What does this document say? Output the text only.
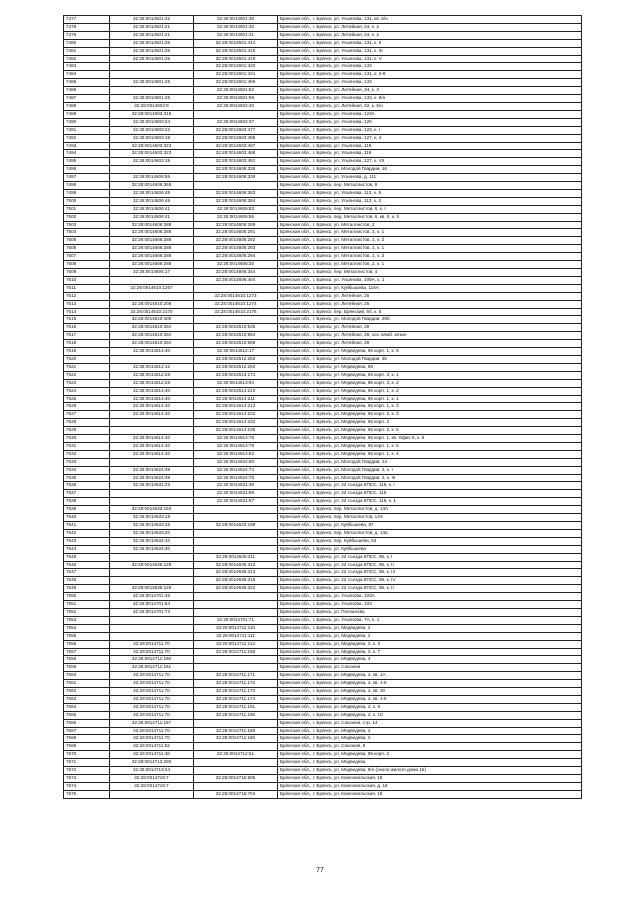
7477	32:28:0014601:32	32:28:0014601:36	Брянская обл., г. Брянск, ул. Ульянова, 131, кв. 6/н
7478	32:28:0014601:21	32:28:0014601:30	Брянская обл., г. Брянск, ул. Литейная, 34, к. 2
7479	32:28:0014601:21	32:28:0014601:31	Брянская обл., г. Брянск, ул. Литейная, 34, к. 2
7480	32:28:0014601:26	32:28:0014601:414	Брянская обл., г. Брянск, ул. Ульянова, 131, к. 6
7481	32:28:0014601:26	32:28:0014601:415	Брянская обл., г. Брянск, ул. Ульянова, 131, к. III
7482	32:28:0014601:26	32:28:0014601:419	Брянская обл., г. Брянск, ул. Ульянова, 131, к. V
7483		32:28:0014601:420	Брянская обл., г. Брянск, ул. Ульянова, 133
7484		32:28:0014601:421	Брянская обл., г. Брянск, ул. Ульянова, 131, к. 2-8
7485	32:28:0014601:25	32:28:0014601:469	Брянская обл., г. Брянск, ул. Ульянова, 133
7486		32:28:0014601:62	Брянская обл., г. Брянск, ул. Литейная, 34, к. 3
7487	32:28:0014601:25	32:28:0014601:68	Брянская обл., г. Брянск, ул. Ульянова, 133, к. 6/н
7488	32:28:0014602:8	32:28:0014602:40	Брянская обл., г. Брянск, ул. Литейная, 32, к. 6/н
7489	32:28:0014603:315		Брянская обл., г. Брянск, ул. Ульянова, 123А
7490	32:28:0014603:24	32:28:0014603:37	Брянская обл., г. Брянск, ул. Ульянова, 129
7491	32:28:0014603:22	32:28:0014603:477	Брянская обл., г. Брянск, ул. Ульянова, 123, к. I
7492	32:28:0014603:19	32:28:0014603:486	Брянская обл., г. Брянск, ул. Ульянова, 127, к. 4
7493	32:28:0014603:323	32:28:0014603:487	Брянская обл., г. Брянск, ул. Ульянова, 119
7494	32:28:0014603:323	32:28:0014603:488	Брянская обл., г. Брянск, ул. Ульянова, 119
7495	32:28:0014603:19	32:28:0014603:491	Брянская обл., г. Брянск, ул. Ульянова, 127, к. VII
7496		32:28:0014606:335	Брянская обл., г. Брянск, ул. Молодой Гвардии, 16
7497	32:28:0014606:55	32:28:0014606:339	Брянская обл., г. Брянск, ул. Ульянова, д. 111
7498	32:28:0014606:365		Брянская обл., г. Брянск, пер. Металлистов, 8
7499	32:28:0014606:48	32:28:0014606:383	Брянская обл., г. Брянск, ул. Ульянова, 113, к. 5
7500	32:28:0014606:48	32:28:0014606:384	Брянская обл., г. Брянск, ул. Ульянова, 113, к. 2
7501	32:28:0014606:41	32:28:0014606:83	Брянская обл., г. Брянск, пер. Металлистов, 6, к. I
7502	32:28:0014606:41	32:28:0014606:86	Брянская обл., г. Брянск, пер. Металлистов, 6, кв. II, к. II
7503	32:28:0014606:288	32:28:0014606:289	Брянская обл., г. Брянск, ул. Металлистов, 2
7504	32:28:0014606:288	32:28:0014606:291	Брянская обл., г. Брянск, ул. Металлистов, 2, к. 1
7505	32:28:0014606:288	32:28:0014606:292	Брянская обл., г. Брянск, ул. Металлистов, 2, к. 2
7506	32:28:0014606:288	32:28:0014606:293	Брянская обл., г. Брянск, ул. Металлистов, 2, к. 1
7507	32:28:0014606:288	32:28:0014606:294	Брянская обл., г. Брянск, ул. Металлистов, 2, к. 3
7508	32:28:0014606:288	32:28:0014606:30	Брянская обл., г. Брянск, ул. Металлистов, 2, к. 1
7509	32:28:0014606:17	32:28:0014606:344	Брянская обл., г. Брянск, пер. Металлистов, 4
7510		32:28:0014606:404	Брянская обл., г. Брянск, ул. Ульянова, 109А, к. 1
7511	32:28:0014610:1267		Брянская обл., г. Брянск, ул. Куйбышева, 116А
7512		32:28:0014610:1273	Брянская обл., г. Брянск, ул. Литейная, 25
7513	32:28:0014610:208	32:28:0014610:1274	Брянская обл., г. Брянск, ул. Литейная, 25
7514	32:28:0014610:2170	32:28:0014610:2176	Брянская обл., г. Брянск, пер. Брянский, 6б, к. 6
7515	32:28:0014610:400		Брянская обл., г. Брянск, ул. Молодой Гвардии, 29б
7516	32:28:0014610:391	32:28:0014610:535	Брянская обл., г. Брянск, ул. Литейная, 39
7517	32:28:0014610:391	32:28:0014610:584	Брянская обл., г. Брянск, ул. Литейная, 39, хоз. влмб. мгзин
7518	32:28:0014610:391	32:28:0014610:596	Брянская обл., г. Брянск, ул. Литейная, 39
7519	32:28:0014614:40	32:28:0014612:17	Брянская обл., г. Брянск, ул. Медведева, 65 корп. 1, к. 8
7520		32:28:0014612:283	Брянская обл., г. Брянск, ул. Молодой Гвардии, 35
7521	32:28:0014612:12	32:28:0014612:292	Брянская обл., г. Брянск, ул. Медведева, 89
7522	32:28:0014612:28	32:28:0014613:171	Брянская обл., г. Брянск, ул. Медведева, 93 корп. 3, к. 1
7523	32:28:0014612:28	32:28:0014613:94	Брянская обл., г. Брянск, ул. Медведева, 85 корп. 3, к. 2
7524	32:28:0014614:40	32:28:0014614:210	Брянская обл., г. Брянск, ул. Медведева, 65 корп. 1, к. 2
7525	32:28:0014614:40	32:28:0014614:211	Брянская обл., г. Брянск, ул. Медведева, 65 корп. 1, к. 1
7526	32:28:0014614:40	32:28:0014614:213	Брянская обл., г. Брянск, ул. Медведева, 65 корп. 1, к. 3
7527	32:28:0014614:40	32:28:0014614:222	Брянская обл., г. Брянск, ул. Медведева, 65 корп. 2, к. 3
7528		32:28:0014614:232	Брянская обл., г. Брянск, ул. Медведева, 65 корп. 2
7529		32:28:0014614:236	Брянская обл., г. Брянск, ул. Медведева, 65 корп. 2, к. 5
7530	32:28:0014614:40	32:28:0014614:78	Брянская обл., г. Брянск, ул. Медведева, 65 корп. 1, кв. Офис 6, к. 6
7531	32:28:0014614:40	32:28:0014614:79	Брянская обл., г. Брянск, ул. Медведева, 65 корп. 1, к. 5
7532	32:28:0014614:40	32:28:0014614:82	Брянская обл., г. Брянск, ул. Медведева, 65 корп. 1, к. 4
7533		32:28:0014622:60	Брянская обл., г. Брянск, ул. Молодой Гвардии, 14
7534	32:28:0014624:38	32:28:0014624:74	Брянская обл., г. Брянск, ул. Молодой Гвардии, 3, к. I
7535	32:28:0014624:38	32:28:0014624:75	Брянская обл., г. Брянск, ул. Молодой Гвардии, 3, к. III
7536	32:28:0014631:23	32:28:0014631:36	Брянская обл., г. Брянск, ул. 22 съезда КПСС, 116, к. I
7537		32:28:0014631:86	Брянская обл., г. Брянск, ул. 22 съезда КПСС, 116
7538		32:28:0014631:87	Брянская обл., г. Брянск, ул. 22 съезда КПСС, 116, к. 1
7539	32:28:0014633:163		Брянская обл., г. Брянск, пер. Металлистов, д. 14А
7540	32:28:0014633:19		Брянская обл., г. Брянск, пер. Металлистов, 14А
7541	32:28:0014633:15	32:28:0014633:199	Брянская обл., г. Брянск, ул. Куйбышева, 87
7542	32:28:0014633:20		Брянская обл., г. Брянск, пер. Металлистов, д. 14а
7543	32:28:0014634:10		Брянская обл., г. Брянск, пер. Куйбышева, 63
7544	32:28:0014634:30		Брянская обл., г. Брянск, ул. Куйбышева
7545		32:28:0014635:311	Брянская обл., г. Брянск, ул. 22 съезда КПСС, 96, к. I
7546	32:28:0014635:129	32:28:0014635:312	Брянская обл., г. Брянск, ул. 22 съезда КПСС, 96, к. II
7547		32:28:0014635:313	Брянская обл., г. Брянск, ул. 22 съезда КПСС, 96, к. III
7548		32:28:0014635:318	Брянская обл., г. Брянск, ул. 22 съезда КПСС, 98, к. IV
7549	32:28:0014635:129	32:28:0014635:322	Брянская обл., г. Брянск, ул. 22 съезда КПСС, 96, к. II
7550	32:28:0014701:46		Брянская обл., г. Брянск, ул. Ульянова, 103А
7551	32:28:0014701:54		Брянская обл., г. Брянск, ул. Ульянова, 103
7552	32:28:0014701:73		Брянская обл., г. Брянск, ул. Плеханова
7553		32:28:0014701:71	Брянская обл., г. Брянск, ул. Ульянова, 7А, к. 1
7554		32:28:0014711:110	Брянская обл., г. Брянск, ул. Медведева, 2
7555		32:28:0014711:111	Брянская обл., г. Брянск, ул. Медведева, 2
7556	32:28:0014711:70	32:28:0014711:113	Брянская обл., г. Брянск, ул. Медведева, 2, к. 3
7557	32:28:0014711:70	32:28:0014711:158	Брянская обл., г. Брянск, ул. Медведева, 2, к. 7
7558	32:28:0014711:160		Брянская обл., г. Брянск, ул. Медведева, 4
7559	32:28:0014711:161		Брянская обл., г. Брянск, ул. Союзная
7560	32:28:0014711:70	32:28:0014711:171	Брянская обл., г. Брянск, ул. Медведева, 2, кв. 1А
7561	32:28:0014711:70	32:28:0014711:172	Брянская обл., г. Брянск, ул. Медведева, 2, кв. 1-6
7562	32:28:0014711:70	32:28:0014711:173	Брянская обл., г. Брянск, ул. Медведева, 2, кв. 30
7563	32:28:0014711:70	32:28:0014711:174	Брянская обл., г. Брянск, ул. Медведева, 2, кв. 1-5
7564	32:28:0014711:70	32:28:0014711:181	Брянская обл., г. Брянск, ул. Медведева, 2, к. 9
7565	32:28:0014711:70	32:28:0014711:186	Брянская обл., г. Брянск, ул. Медведева, 2, к. 10
7566	32:28:0014711:187		Брянская обл., г. Брянск, ул. Союзная, стр. 14
7567	32:28:0014711:70	32:28:0014711:189	Брянская обл., г. Брянск, ул. Медведева, 2
7568	32:28:0014711:70	32:28:0014711:190	Брянская обл., г. Брянск, ул. Медведева, 2
7569	32:28:0014711:52		Брянская обл., г. Брянск, ул. Союзная, 6
7570	32:28:0014711:48	32:28:0014712:51	Брянская обл., г. Брянск, ул. Медведева, 85 корп. 2
7571	32:28:0014713:280		Брянская обл., г. Брянск, ул. Медведева
7572	32:28:0014713:24		Брянская обл., г. Брянск, ул. Медведева, 8/н (около жилого дома 15)
7573	32:28:0014715:7	32:28:0014715:505	Брянская обл., г. Брянск, ул. Комсомольская, 18
7574	32:28:0014715:7		Брянская обл., г. Брянск, ул. Комсомольская, д. 18
7575		32:28:0014715:704	Брянская обл., г. Брянск, ул. Комсомольская, 18
77
